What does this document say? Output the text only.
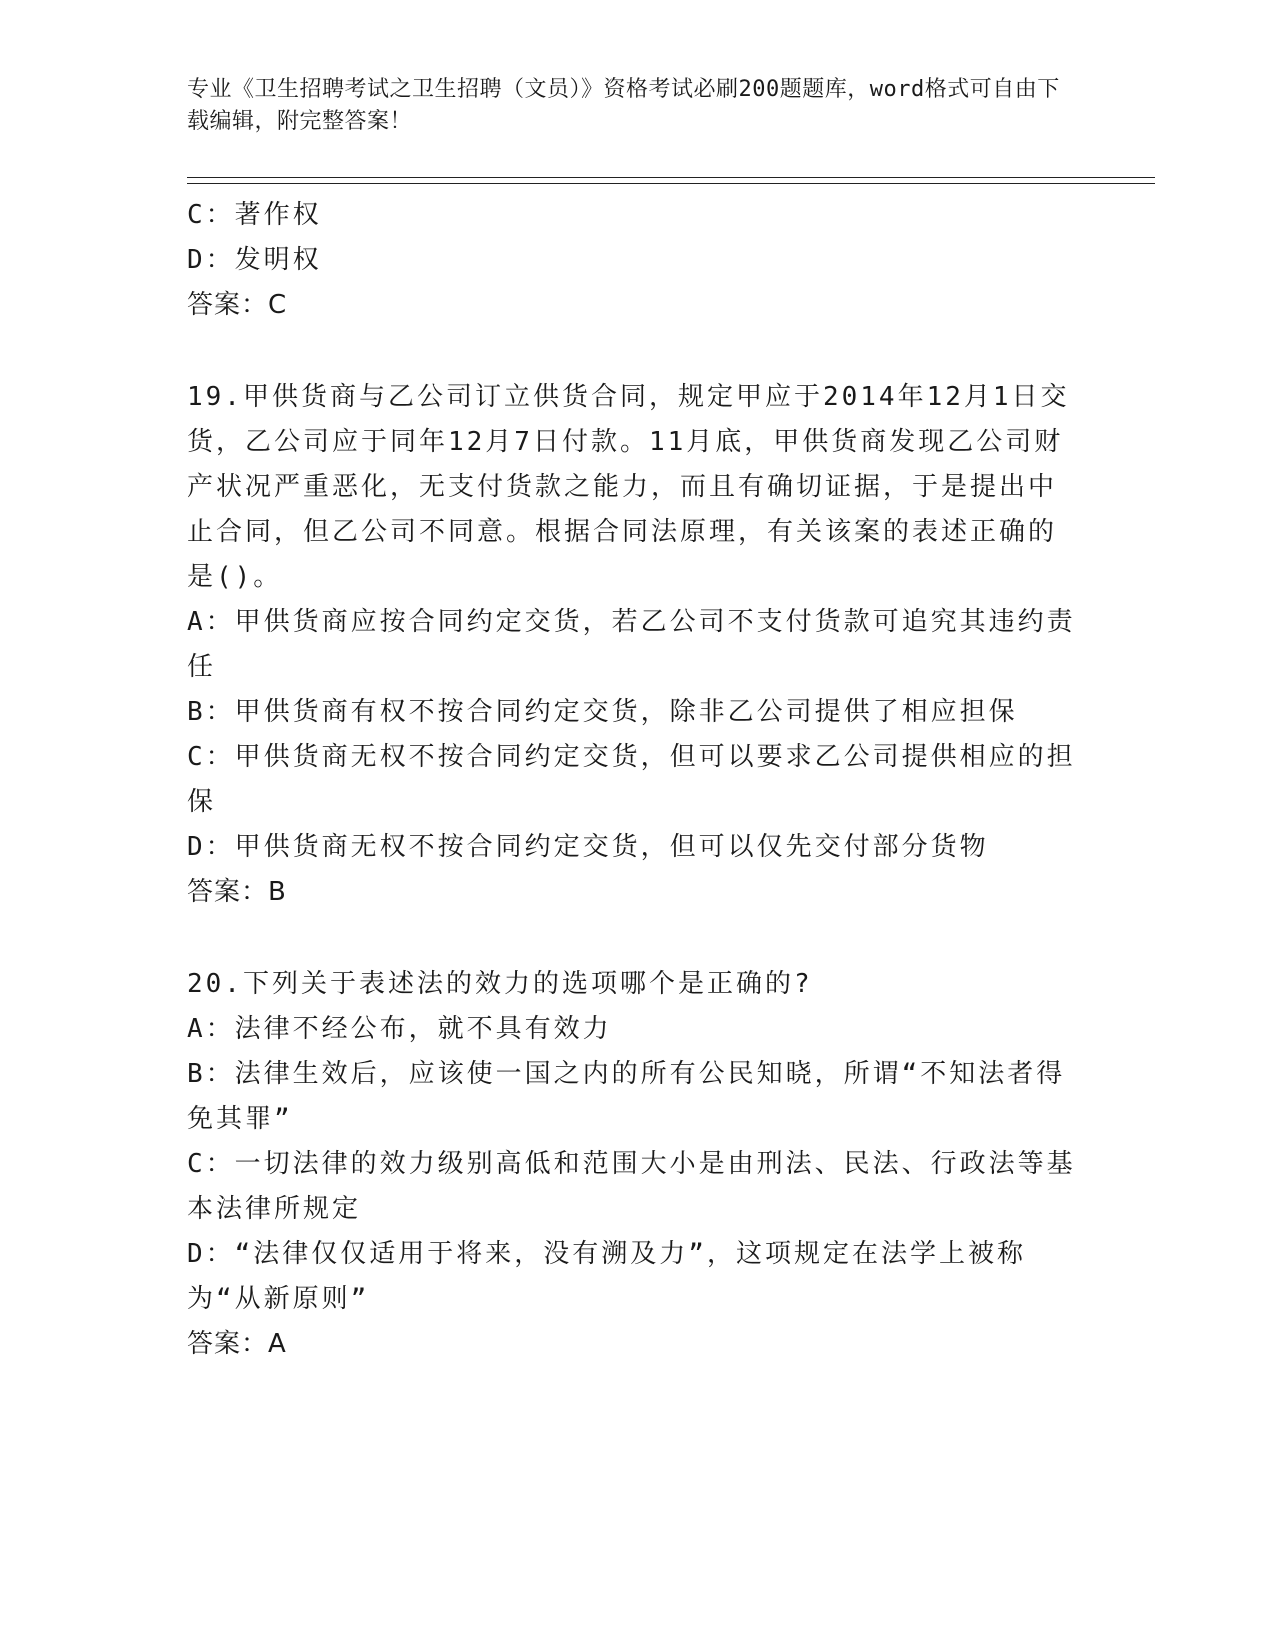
专业《卫生招聘考试之卫生招聘（文员）》资格考试必刷200题题库，word格式可自由下载编辑，附完整答案！

C：著作权

D：发明权

答案：C

19.甲供货商与乙公司订立供货合同，规定甲应于2014年12月1日交货，乙公司应于同年12月7日付款。11月底，甲供货商发现乙公司财产状况严重恶化，无支付货款之能力，而且有确切证据，于是提出中止合同，但乙公司不同意。根据合同法原理，有关该案的表述正确的是()。

A：甲供货商应按合同约定交货，若乙公司不支付货款可追究其违约责任

B：甲供货商有权不按合同约定交货，除非乙公司提供了相应担保

C：甲供货商无权不按合同约定交货，但可以要求乙公司提供相应的担保

D：甲供货商无权不按合同约定交货，但可以仅先交付部分货物

答案：B

20.下列关于表述法的效力的选项哪个是正确的?

A：法律不经公布，就不具有效力

B：法律生效后，应该使一国之内的所有公民知晓，所谓“不知法者得免其罪”

C：一切法律的效力级别高低和范围大小是由刑法、民法、行政法等基本法律所规定

D：“法律仅仅适用于将来，没有溯及力”，这项规定在法学上被称为“从新原则”

答案：A
